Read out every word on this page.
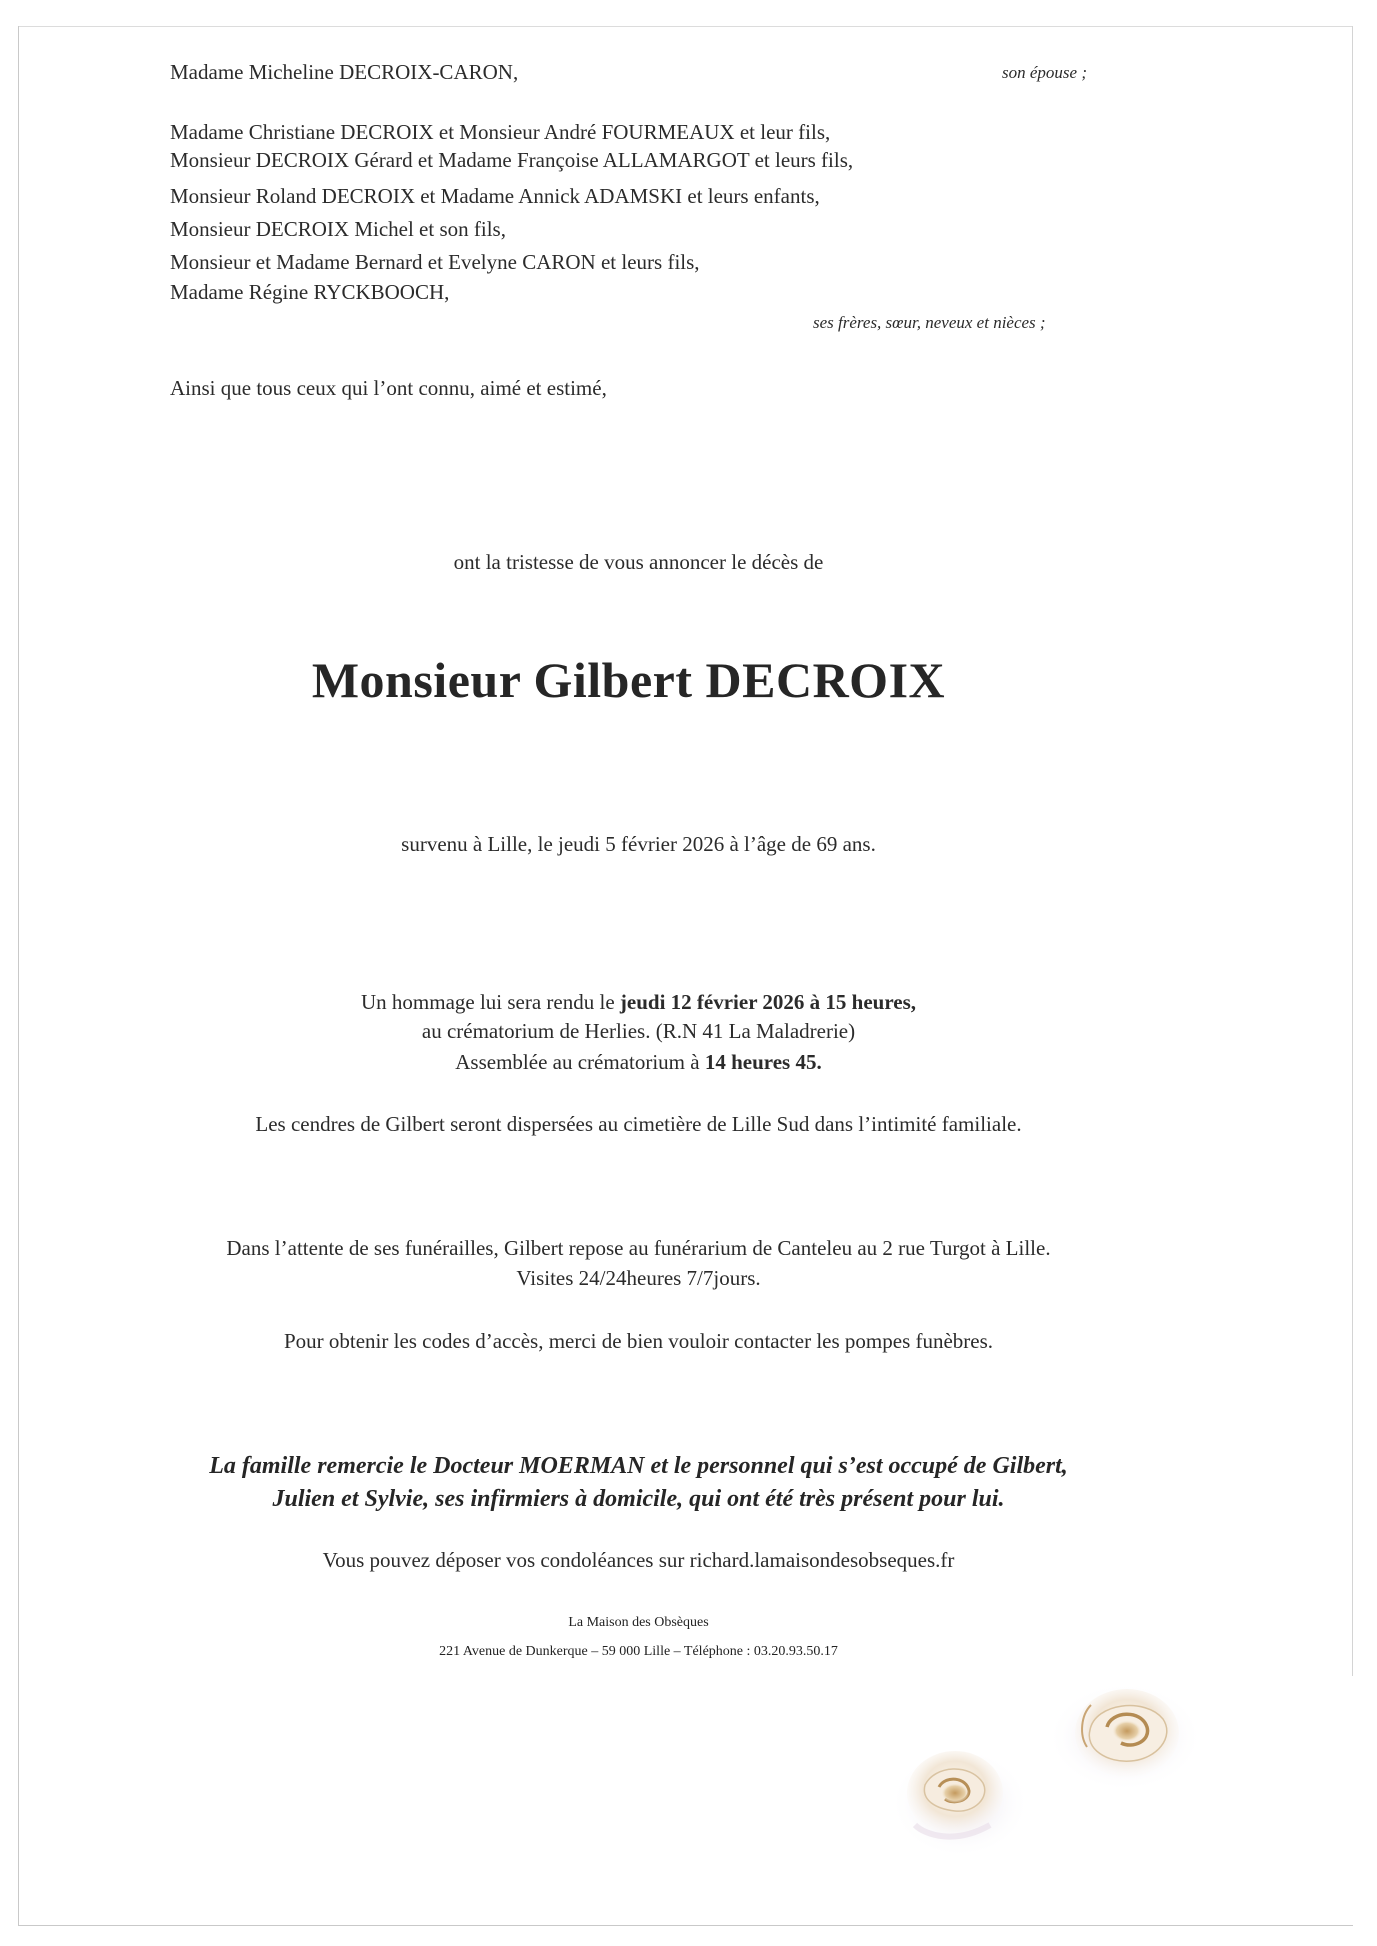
Madame Micheline DECROIX-CARON,	son épouse ;
Madame Christiane DECROIX et Monsieur André FOURMEAUX et leur fils,
Monsieur DECROIX Gérard et Madame Françoise ALLAMARGOT et leurs fils,
Monsieur Roland DECROIX et Madame Annick ADAMSKI et leurs enfants,
Monsieur DECROIX Michel et son fils,
Monsieur et Madame Bernard et Evelyne CARON et leurs fils,
Madame Régine RYCKBOOCH,
ses frères, sœur, neveux et nièces ;
Ainsi que tous ceux qui l’ont connu, aimé et estimé,
ont la tristesse de vous annoncer le décès de
Monsieur Gilbert DECROIX
survenu à Lille, le jeudi 5 février 2026 à l’âge de 69 ans.
Un hommage lui sera rendu le jeudi 12 février 2026 à 15 heures,
au crématorium de Herlies. (R.N 41 La Maladrerie)
Assemblée au crématorium à 14 heures 45.
Les cendres de Gilbert seront dispersées au cimetière de Lille Sud dans l’intimité familiale.
Dans l’attente de ses funérailles, Gilbert repose au funérarium de Canteleu au 2 rue Turgot à Lille.
Visites 24/24heures 7/7jours.
Pour obtenir les codes d’accès, merci de bien vouloir contacter les pompes funèbres.
La famille remercie le Docteur MOERMAN et le personnel qui s’est occupé de Gilbert,
Julien et Sylvie, ses infirmiers à domicile, qui ont été très présent pour lui.
Vous pouvez déposer vos condoléances sur richard.lamaisondesobseques.fr
La Maison des Obsèques
221 Avenue de Dunkerque – 59 000 Lille – Téléphone : 03.20.93.50.17
